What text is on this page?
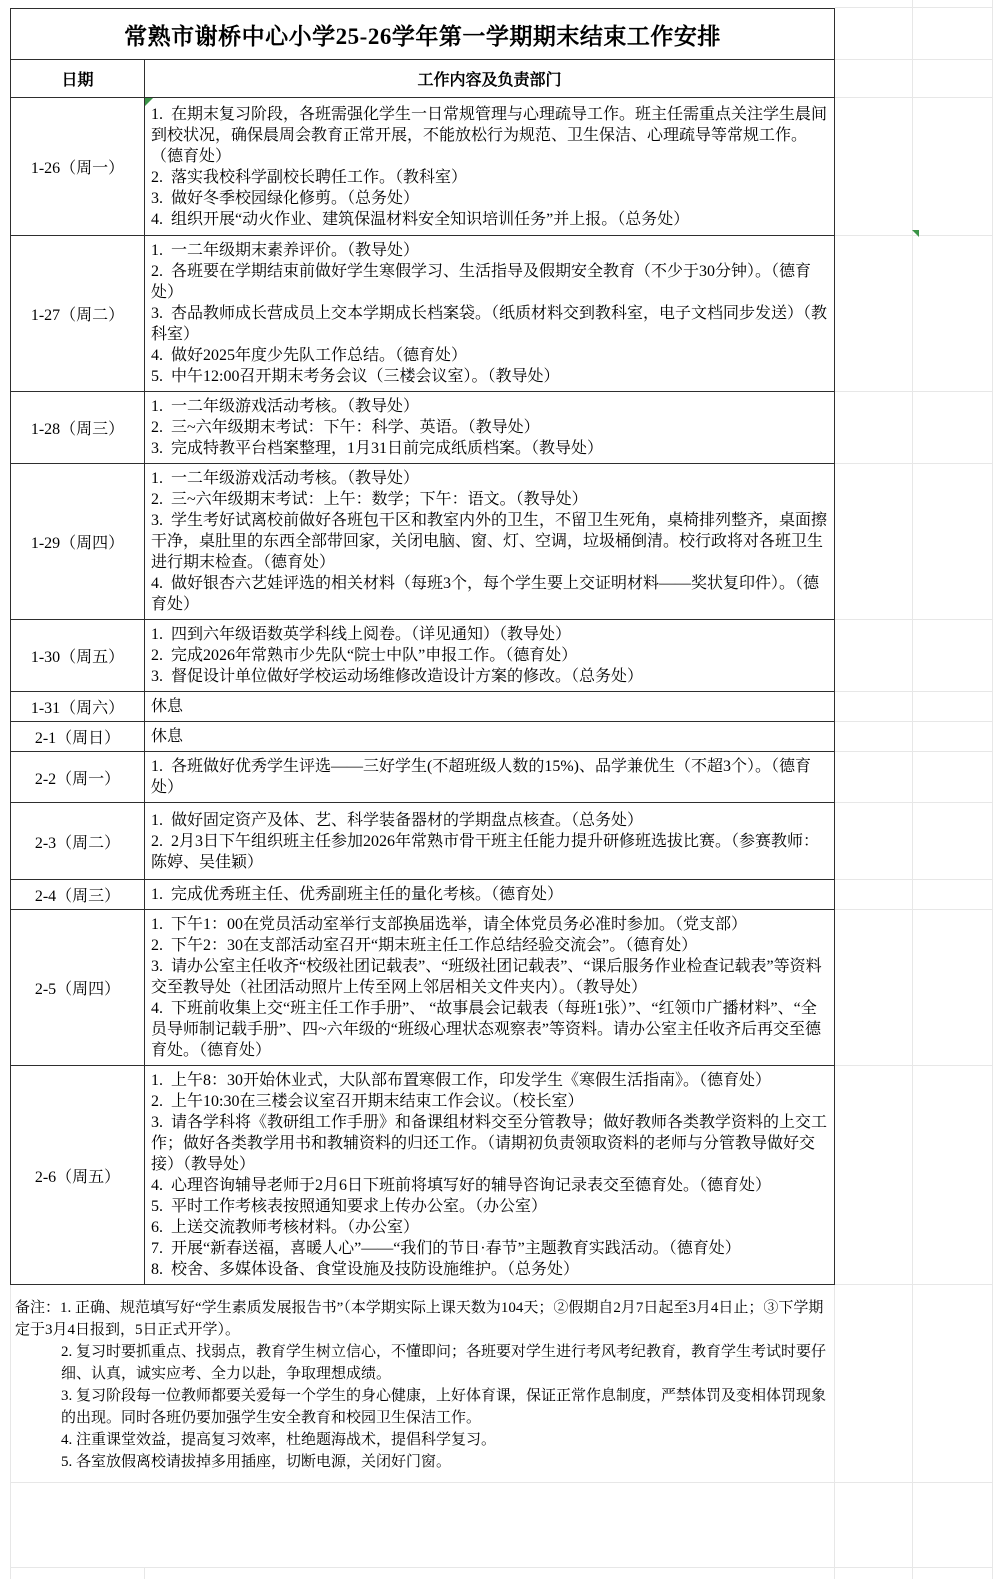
常熟市谢桥中心小学25-26学年第一学期期末结束工作安排
日期	工作内容及负责部门
1-26（周一）
1.  在期末复习阶段，各班需强化学生一日常规管理与心理疏导工作。班主任需重点关注学生晨间到校状况，确保晨周会教育正常开展，不能放松行为规范、卫生保洁、心理疏导等常规工作。（德育处）
2.  落实我校科学副校长聘任工作。（教科室）
3.  做好冬季校园绿化修剪。（总务处）
4.  组织开展“动火作业、建筑保温材料安全知识培训任务”并上报。（总务处）
1-27（周二）
1.  一二年级期末素养评价。（教导处）
2.  各班要在学期结束前做好学生寒假学习、生活指导及假期安全教育（不少于30分钟）。（德育处）
3.  杏品教师成长营成员上交本学期成长档案袋。（纸质材料交到教科室，电子文档同步发送）（教科室）
4.  做好2025年度少先队工作总结。（德育处）
5.  中午12:00召开期末考务会议（三楼会议室）。（教导处）
1-28（周三）
1.  一二年级游戏活动考核。（教导处）
2.  三~六年级期末考试：下午：科学、英语。（教导处）
3.  完成特教平台档案整理，1月31日前完成纸质档案。（教导处）
1-29（周四）
1.  一二年级游戏活动考核。（教导处）
2.  三~六年级期末考试：上午：数学；下午：语文。（教导处）
3.  学生考好试离校前做好各班包干区和教室内外的卫生，不留卫生死角，桌椅排列整齐，桌面擦干净，桌肚里的东西全部带回家，关闭电脑、窗、灯、空调，垃圾桶倒清。校行政将对各班卫生进行期末检查。（德育处）
4.  做好银杏六艺娃评选的相关材料（每班3个，每个学生要上交证明材料——奖状复印件）。（德育处）
1-30（周五）
1.  四到六年级语数英学科线上阅卷。（详见通知）（教导处）
2.  完成2026年常熟市少先队“院士中队”申报工作。（德育处）
3.  督促设计单位做好学校运动场维修改造设计方案的修改。（总务处）
1-31（周六）	休息
2-1（周日）	休息
2-2（周一）
1.  各班做好优秀学生评选——三好学生(不超班级人数的15%)、品学兼优生（不超3个）。（德育处）
2-3（周二）
1.  做好固定资产及体、艺、科学装备器材的学期盘点核查。（总务处）
2.  2月3日下午组织班主任参加2026年常熟市骨干班主任能力提升研修班选拔比赛。（参赛教师：陈婷、吴佳颖）
2-4（周三）	1.  完成优秀班主任、优秀副班主任的量化考核。（德育处）
2-5（周四）
1.  下午1：00在党员活动室举行支部换届选举，请全体党员务必准时参加。（党支部）
2.  下午2：30在支部活动室召开“期末班主任工作总结经验交流会”。（德育处）
3.  请办公室主任收齐“校级社团记载表”、“班级社团记载表”、“课后服务作业检查记载表”等资料交至教导处（社团活动照片上传至网上邻居相关文件夹内）。（教导处）
4.  下班前收集上交“班主任工作手册”、 “故事晨会记载表（每班1张）”、“红领巾广播材料”、“全员导师制记载手册”、四~六年级的“班级心理状态观察表”等资料。请办公室主任收齐后再交至德育处。（德育处）
2-6（周五）
1.  上午8：30开始休业式，大队部布置寒假工作，印发学生《寒假生活指南》。（德育处）
2.  上午10:30在三楼会议室召开期末结束工作会议。（校长室）
3.  请各学科将《教研组工作手册》和备课组材料交至分管教导；做好教师各类教学资料的上交工作；做好各类教学用书和教辅资料的归还工作。（请期初负责领取资料的老师与分管教导做好交接）（教导处）
4.  心理咨询辅导老师于2月6日下班前将填写好的辅导咨询记录表交至德育处。（德育处）
5.  平时工作考核表按照通知要求上传办公室。（办公室）
6.  上送交流教师考核材料。（办公室）
7.  开展“新春送福，喜暖人心”——“我们的节日·春节”主题教育实践活动。（德育处）
8.  校舍、多媒体设备、食堂设施及技防设施维护。（总务处）
备注：1. 正确、规范填写好“学生素质发展报告书”（本学期实际上课天数为104天；②假期自2月7日起至3月4日止；③下学期定于3月4日报到，5日正式开学）。
2. 复习时要抓重点、找弱点，教育学生树立信心，不懂即问；各班要对学生进行考风考纪教育，教育学生考试时要仔细、认真，诚实应考、全力以赴，争取理想成绩。
3. 复习阶段每一位教师都要关爱每一个学生的身心健康，上好体育课，保证正常作息制度，严禁体罚及变相体罚现象的出现。同时各班仍要加强学生安全教育和校园卫生保洁工作。
4. 注重课堂效益，提高复习效率，杜绝题海战术，提倡科学复习。
5. 各室放假离校请拔掉多用插座，切断电源，关闭好门窗。
